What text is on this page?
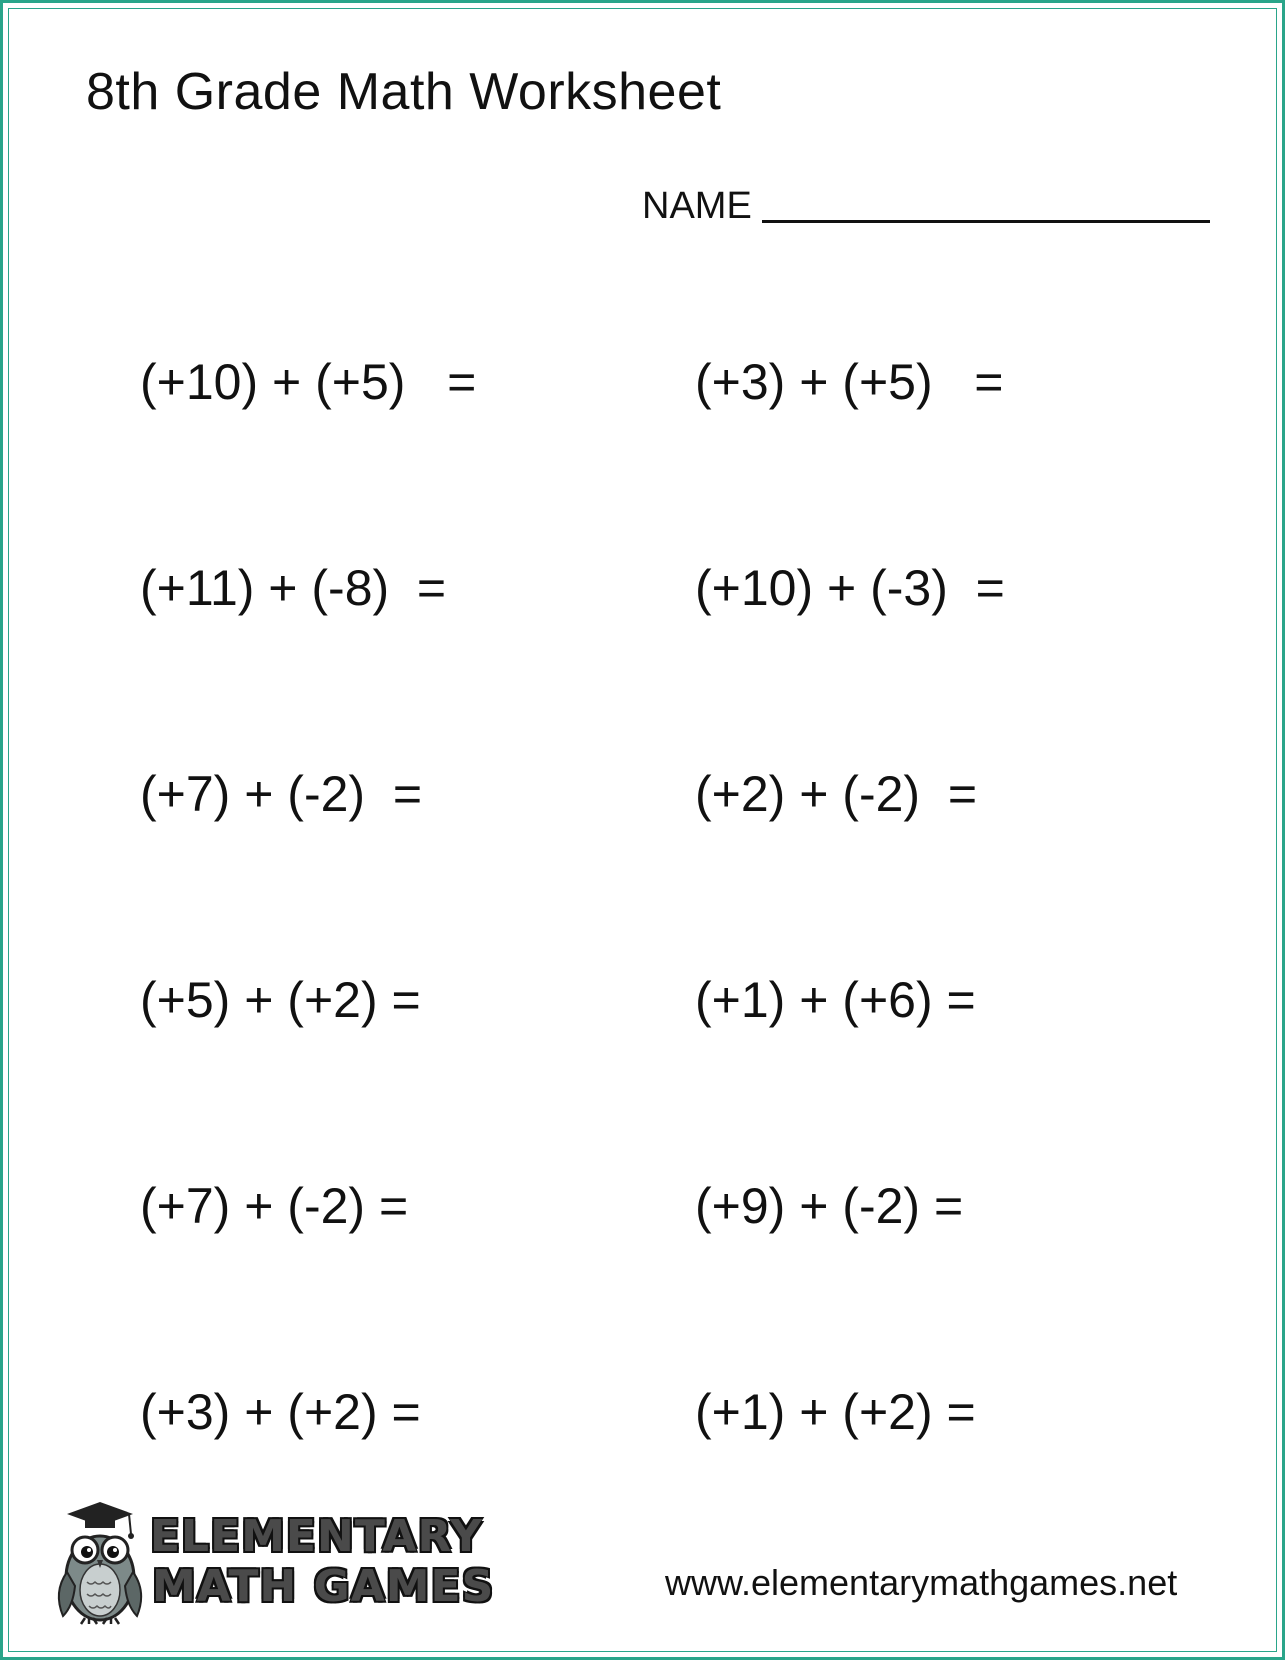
8th Grade Math Worksheet
NAME
(+10) + (+5)   =
(+11) + (-8)  =
(+7) + (-2)  =
(+5) + (+2) =
(+7) + (-2) =
(+3) + (+2) =
(+3) + (+5)   =
(+10) + (-3)  =
(+2) + (-2)  =
(+1) + (+6) =
(+9) + (-2) =
(+1) + (+2) =
ELEMENTARY
MATH GAMES	www.elementarymathgames.net
